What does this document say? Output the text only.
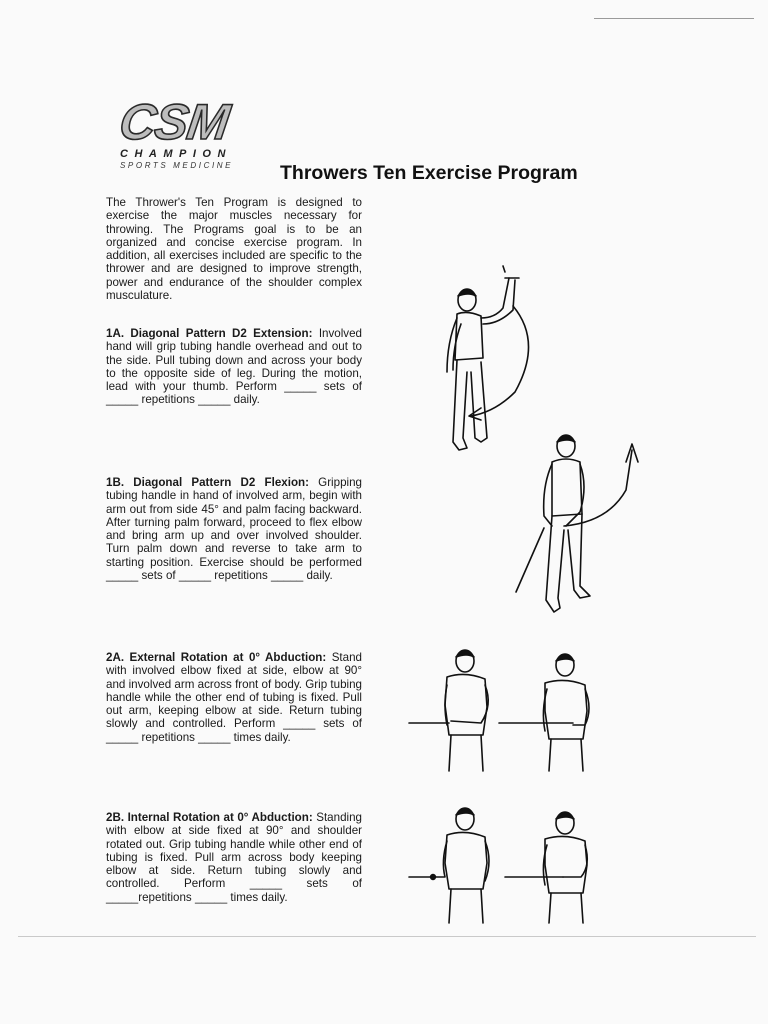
CSM
CHAMPION
SPORTS MEDICINE	Throwers Ten Exercise Program
The Thrower's Ten Program is designed to exercise the major muscles necessary for throwing. The Programs goal is to be an organized and concise exercise program. In addition, all exercises included are specific to the thrower and are designed to improve strength, power and endurance of the shoulder complex musculature.
1A. Diagonal Pattern D2 Extension: Involved hand will grip tubing handle overhead and out to the side. Pull tubing down and across your body to the opposite side of leg. During the motion, lead with your thumb. Perform _____ sets of _____ repetitions _____ daily.
1B. Diagonal Pattern D2 Flexion: Gripping tubing handle in hand of involved arm, begin with arm out from side 45° and palm facing backward. After turning palm forward, proceed to flex elbow and bring arm up and over involved shoulder. Turn palm down and reverse to take arm to starting position. Exercise should be performed _____ sets of _____ repetitions _____ daily.
2A. External Rotation at 0° Abduction: Stand with involved elbow fixed at side, elbow at 90° and involved arm across front of body. Grip tubing handle while the other end of tubing is fixed. Pull out arm, keeping elbow at side. Return tubing slowly and controlled. Perform _____ sets of _____ repetitions _____ times daily.
2B. Internal Rotation at 0° Abduction: Standing with elbow at side fixed at 90° and shoulder rotated out. Grip tubing handle while other end of tubing is fixed. Pull arm across body keeping elbow at side. Return tubing slowly and controlled. Perform _____ sets of _____repetitions _____ times daily.
